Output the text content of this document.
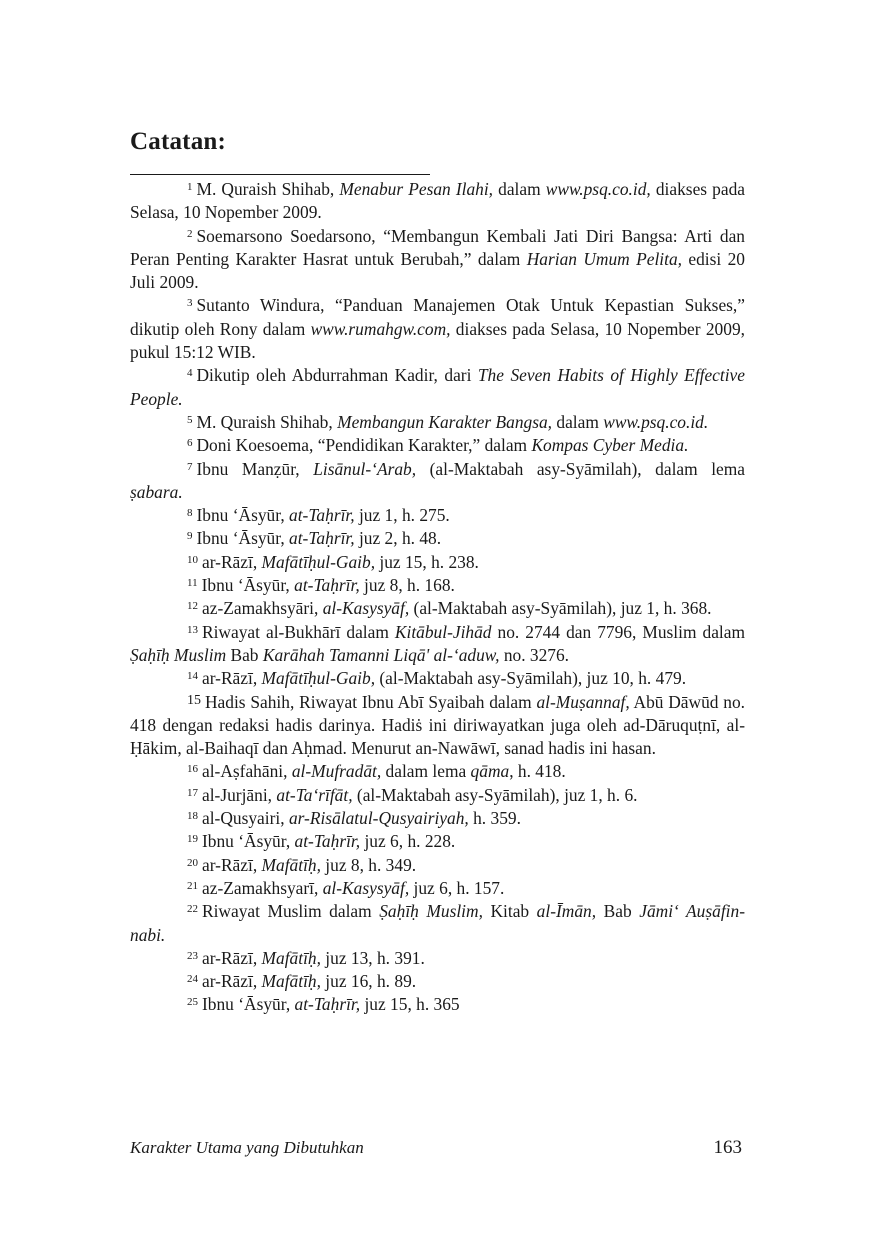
Catatan:

$^1$ M. Quraish Shihab, Menabur Pesan Ilahi, dalam www.psq.co.id, diakses pada Selasa, 10 Nopember 2009.

$^2$ Soemarsono Soedarsono, “Membangun Kembali Jati Diri Bangsa: Arti dan Peran Penting Karakter Hasrat untuk Berubah,” dalam Harian Umum Pelita, edisi 20 Juli 2009.

$^3$ Sutanto Windura, “Panduan Manajemen Otak Untuk Kepastian Sukses,” dikutip oleh Rony dalam www.rumahgw.com, diakses pada Selasa, 10 Nopember 2009, pukul 15:12 WIB.

$^4$ Dikutip oleh Abdurrahman Kadir, dari The Seven Habits of Highly Effective People.

$^5$ M. Quraish Shihab, Membangun Karakter Bangsa, dalam www.psq.co.id.

$^6$ Doni Koesoema, “Pendidikan Karakter,” dalam Kompas Cyber Media.

$^7$ Ibnu Manẓūr, Lisānul-‘Arab, (al-Maktabah asy-Syāmilah), dalam lema ṣabara.

$^8$ Ibnu ‘Āsyūr, at-Taḥrīr, juz 1, h. 275.

$^9$ Ibnu ‘Āsyūr, at-Taḥrīr, juz 2, h. 48.

$^{10}$ ar-Rāzī, Mafātīḥul-Gaib, juz 15, h. 238.

$^{11}$ Ibnu ‘Āsyūr, at-Taḥrīr, juz 8, h. 168.

$^{12}$ az-Zamakhsyāri, al-Kasysyāf, (al-Maktabah asy-Syāmilah), juz 1, h. 368.

$^{13}$ Riwayat al-Bukhārī dalam Kitābul-Jihād no. 2744 dan 7796, Muslim dalam Ṣaḥīḥ Muslim Bab Karāhah Tamanni Liqā' al-‘aduw, no. 3276.

$^{14}$ ar-Rāzī, Mafātīḥul-Gaib, (al-Maktabah asy-Syāmilah), juz 10, h. 479.

$^{15}$ Hadis Sahih, Riwayat Ibnu Abī Syaibah dalam al-Muṣannaf, Abū Dāwūd no. 418 dengan redaksi hadis darinya. Hadiṡ ini diriwayatkan juga oleh ad-Dāruquṭnī, al-Ḥākim, al-Baihaqī dan Aḥmad. Menurut an-Nawāwī, sanad hadis ini hasan.

$^{16}$ al-Aṣfahāni, al-Mufradāt, dalam lema qāma, h. 418.

$^{17}$ al-Jurjāni, at-Ta‘rīfāt, (al-Maktabah asy-Syāmilah), juz 1, h. 6.

$^{18}$ al-Qusyairi, ar-Risālatul-Qusyairiyah, h. 359.

$^{19}$ Ibnu ‘Āsyūr, at-Taḥrīr, juz 6, h. 228.

$^{20}$ ar-Rāzī, Mafātīḥ, juz 8, h. 349.

$^{21}$ az-Zamakhsyarī, al-Kasysyāf, juz 6, h. 157.

$^{22}$ Riwayat Muslim dalam Ṣaḥīḥ Muslim, Kitab al-Īmān, Bab Jāmi‘ Auṣāfin-nabi.

$^{23}$ ar-Rāzī, Mafātīḥ, juz 13, h. 391.

$^{24}$ ar-Rāzī, Mafātīḥ, juz 16, h. 89.

$^{25}$ Ibnu ‘Āsyūr, at-Taḥrīr, juz 15, h. 365

Karakter Utama yang Dibutuhkan	163
